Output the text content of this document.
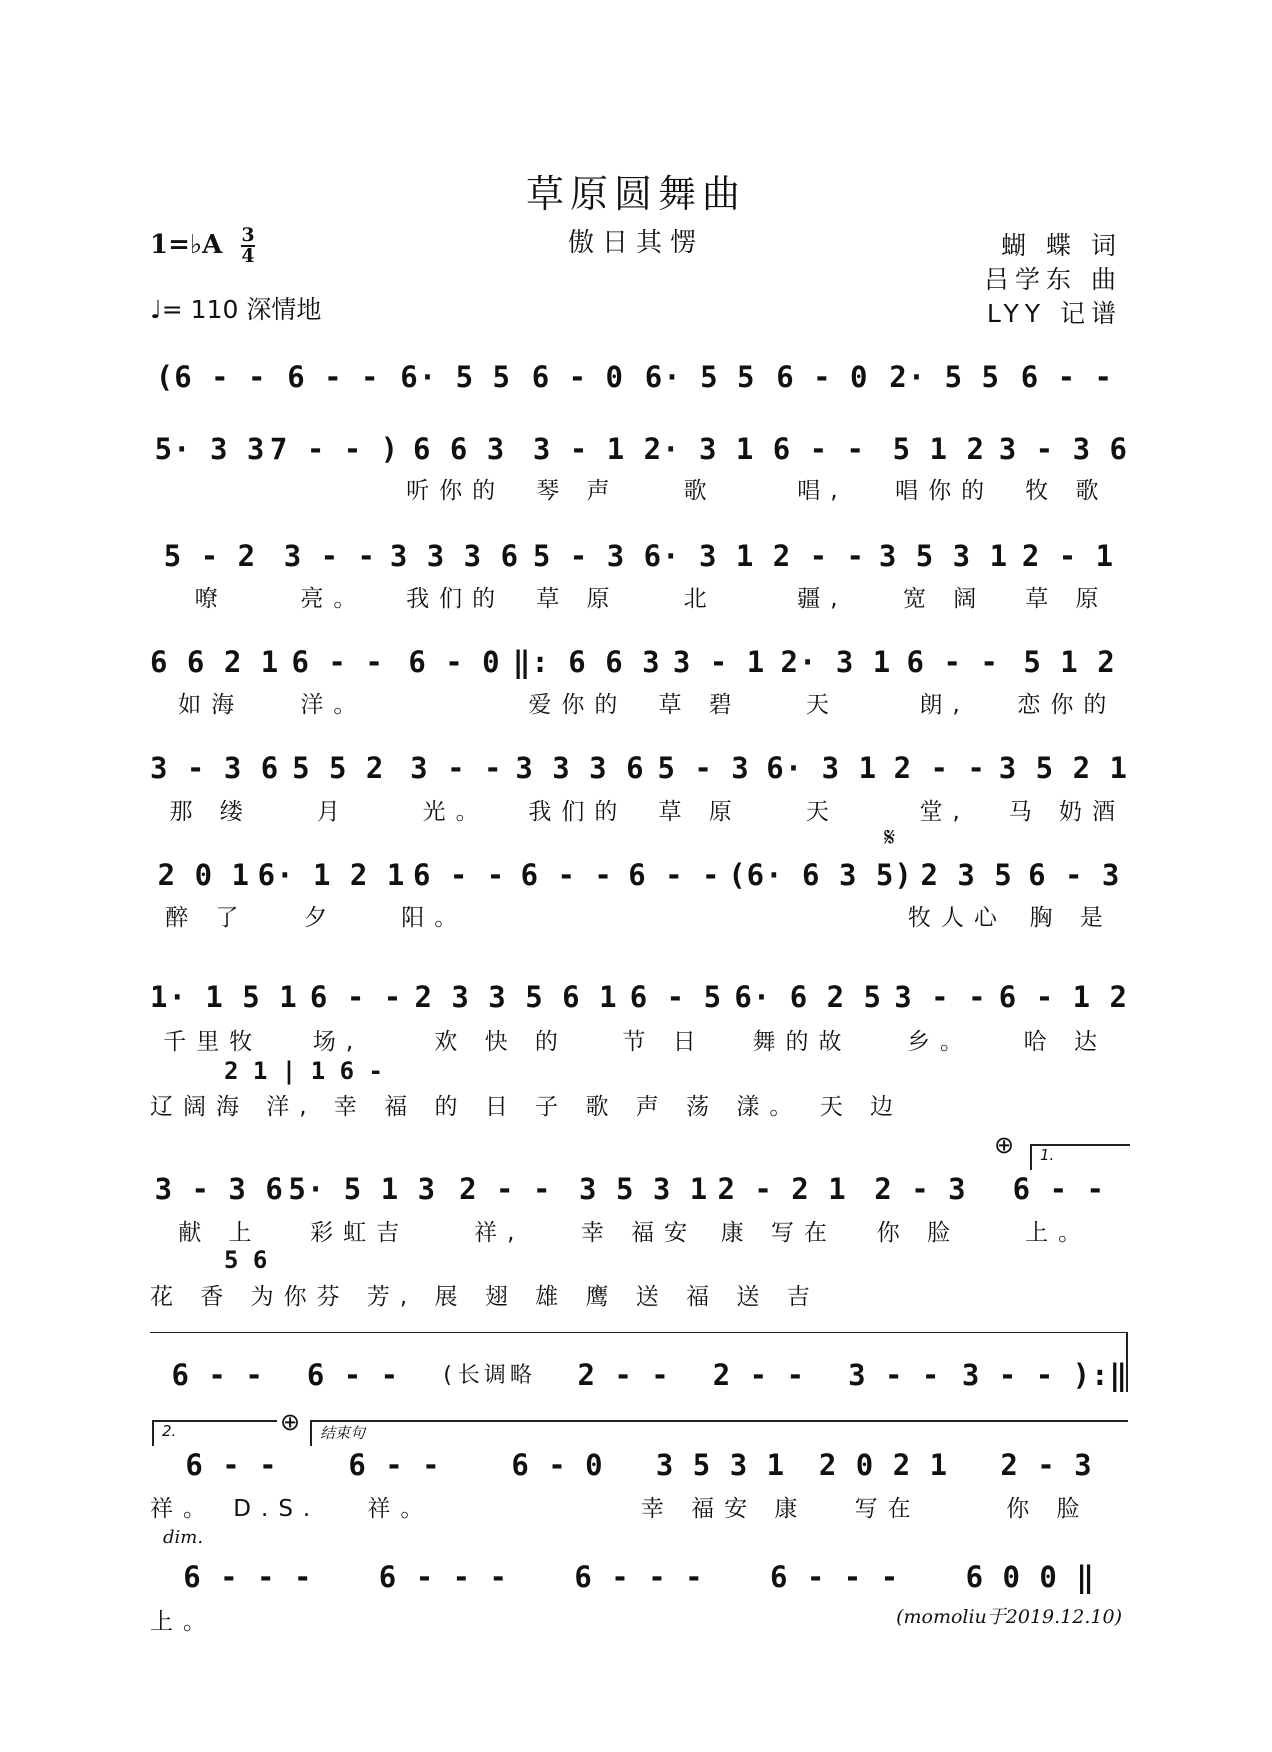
草原圆舞曲
傲日其愣	蝴 蝶 词
吕学东 曲
LYY 记谱
1=♭A $\frac{3}{4}$
♩= 110 深情地
(6 - - 6 - - 6· 5 5 6 - 0 6· 5 5 6 - 0 2· 5 5 6 - -
5· 3 3 7 - - ) 6 6 3 3 - 1 2· 3 1 6 - - 5 1 2 3 - 3 6
听你的	琴 声	歌	唱,	唱你的	牧 歌
5 - 2 3 - - 3 3 3 6 5 - 3 6· 3 1 2 - - 3 5 3 1 2 - 1
嘹	亮。	我们的	草 原	北	疆,	宽 阔	草 原
6 6 2 1 6 - - 6 - 0 ‖: 6 6 3 3 - 1 2· 3 1 6 - - 5 1 2
如海	洋。	爱你的	草 碧	天	朗,	恋你的
3 - 3 6 5 5 2 3 - - 3 3 3 6 5 - 3 6· 3 1 2 - - 3 5 2 1
那 缕	月	光。	我们的	草 原	天	堂,	马 奶酒
𝄋
2 0 1 6· 1 2 1 6 - - 6 - - 6 - - (6· 6 3 5) 2 3 5 6 - 3
醉 了	夕	阳。	牧人心 胸 是
1· 1 5 1 6 - - 2 3 3 5 6 1 6 - 5 6· 6 2 5 3 - - 6 - 1 2
千里牧	场,	欢 快 的	节 日	舞的故	乡。	哈 达
2 1 | 1 6 -
辽阔海 洋, 幸 福 的 日 子 歌 声 荡 漾。 天 边
⊕	1.
3 - 3 6 5· 5 1 3 2 - - 3 5 3 1 2 - 2 1 2 - 3	6 - -
献 上	彩虹吉	祥,	幸 福安	康 写在	你 脸	上。
5 6
花 香 为你芬 芳, 展 翅 雄 鹰 送 福 送 吉
6 - -	6 - -	(长调略	2 - -	2 - -	3 - - 3 - - ):‖
2.	⊕	结束句
6 - -	6 - -	6 - 0	3 5 3 1	2 0 2 1	2 - 3
祥。 D.S.	祥。	幸 福安 康	写在	你 脸
dim.
6 - - -	6 - - -	6 - - -	6 - - -	6 0 0 ‖
上。	(momoliu于2019.12.10)
